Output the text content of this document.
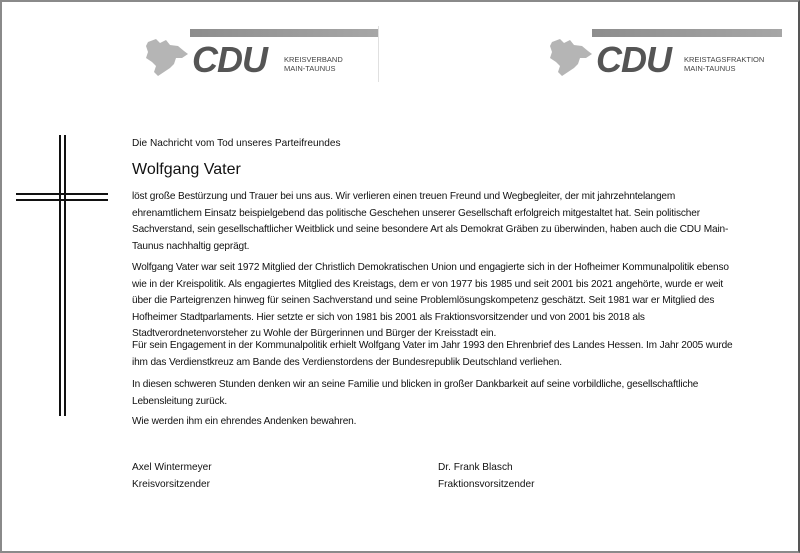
CDU KREISVERBAND
MAIN-TAUNUS	CDU KREISTAGSFRAKTION
MAIN-TAUNUS
Die Nachricht vom Tod unseres Parteifreundes
Wolfgang Vater
löst große Bestürzung und Trauer bei uns aus. Wir verlieren einen treuen Freund und Wegbegleiter, der mit jahrzehntelangem
ehrenamtlichem Einsatz beispielgebend das politische Geschehen unserer Gesellschaft erfolgreich mitgestaltet hat. Sein politischer
Sachverstand, sein gesellschaftlicher Weitblick und seine besondere Art als Demokrat Gräben zu überwinden, haben auch die CDU Main-
Taunus nachhaltig geprägt.
Wolfgang Vater war seit 1972 Mitglied der Christlich Demokratischen Union und engagierte sich in der Hofheimer Kommunalpolitik ebenso
wie in der Kreispolitik. Als engagiertes Mitglied des Kreistags, dem er von 1977 bis 1985 und seit 2001 bis 2021 angehörte, wurde er weit
über die Parteigrenzen hinweg für seinen Sachverstand und seine Problemlösungskompetenz geschätzt. Seit 1981 war er Mitglied des
Hofheimer Stadtparlaments. Hier setzte er sich von 1981 bis 2001 als Fraktionsvorsitzender und von 2001 bis 2018 als
Stadtverordnetenvorsteher zu Wohle der Bürgerinnen und Bürger der Kreisstadt ein.
Für sein Engagement in der Kommunalpolitik erhielt Wolfgang Vater im Jahr 1993 den Ehrenbrief des Landes Hessen. Im Jahr 2005 wurde
ihm das Verdienstkreuz am Bande des Verdienstordens der Bundesrepublik Deutschland verliehen.
In diesen schweren Stunden denken wir an seine Familie und blicken in großer Dankbarkeit auf seine vorbildliche, gesellschaftliche
Lebensleitung zurück.
Wie werden ihm ein ehrendes Andenken bewahren.
Axel Wintermeyer
Kreisvorsitzender
Dr. Frank Blasch
Fraktionsvorsitzender
